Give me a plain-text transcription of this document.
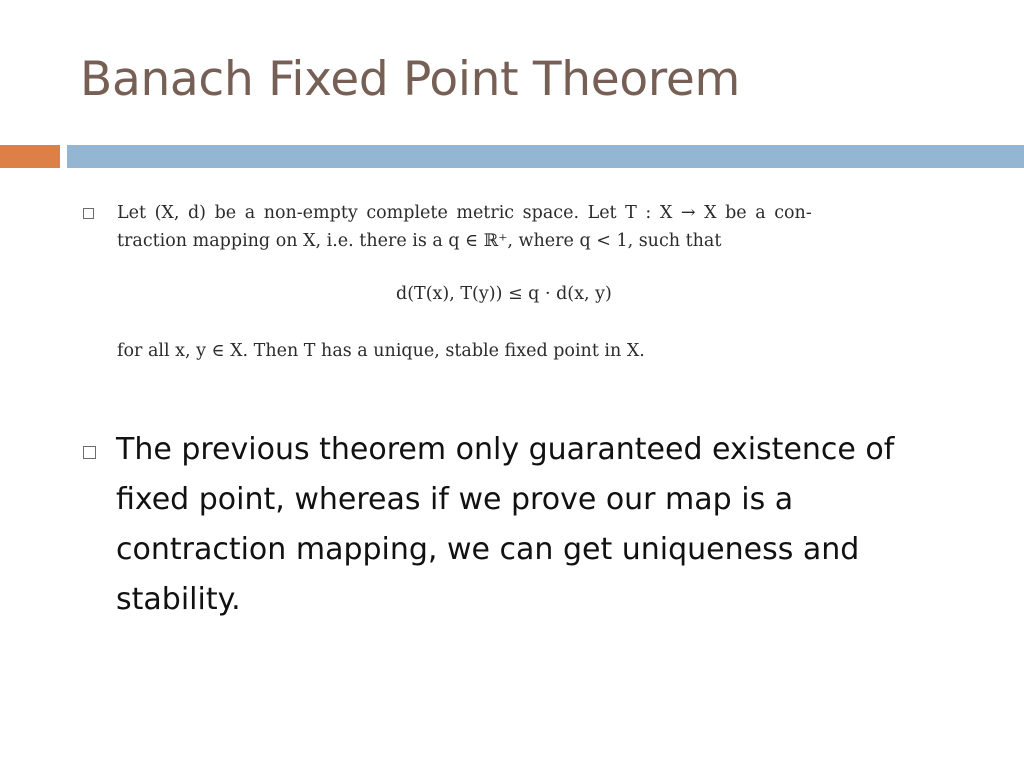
Banach Fixed Point Theorem

Let (X, d) be a non-empty complete metric space. Let T : X → X be a con-

traction mapping on X, i.e. there is a q ∈ ℝ⁺, where q < 1, such that

d(T(x), T(y)) ≤ q · d(x, y)

for all x, y ∈ X. Then T has a unique, stable fixed point in X.

The previous theorem only guaranteed existence of
fixed point, whereas if we prove our map is a
contraction mapping, we can get uniqueness and
stability.
